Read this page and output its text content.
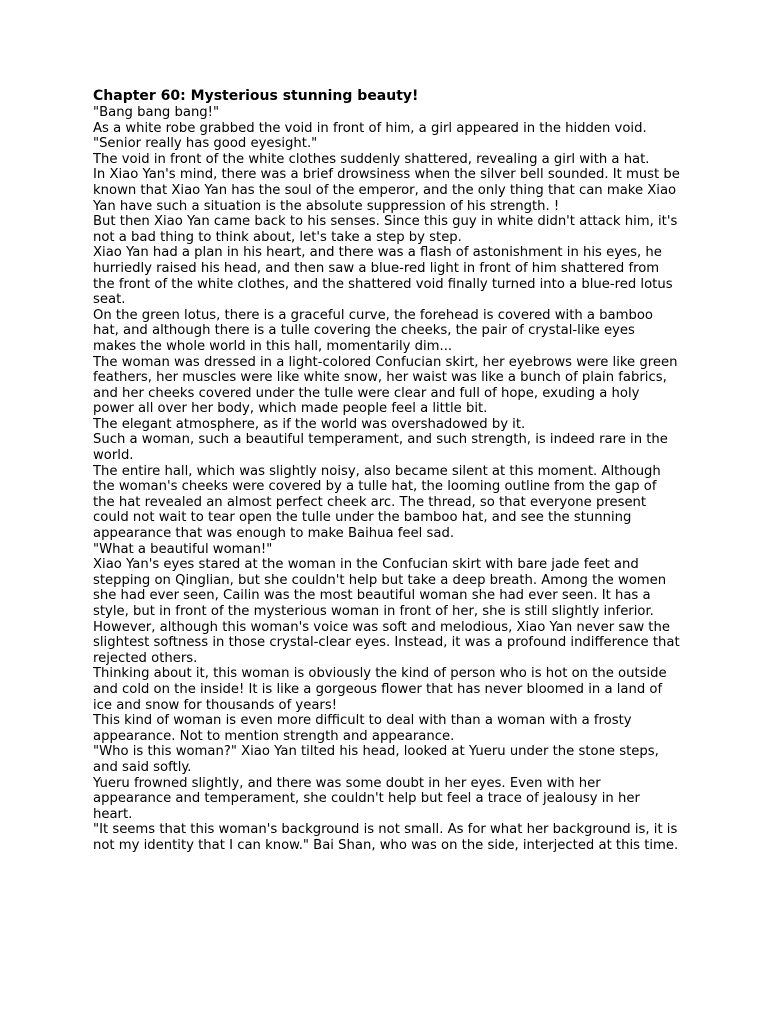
Chapter 60: Mysterious stunning beauty!

"Bang bang bang!"

As a white robe grabbed the void in front of him, a girl appeared in the hidden void.

"Senior really has good eyesight."

The void in front of the white clothes suddenly shattered, revealing a girl with a hat.

In Xiao Yan's mind, there was a brief drowsiness when the silver bell sounded. It must be known that Xiao Yan has the soul of the emperor, and the only thing that can make Xiao Yan have such a situation is the absolute suppression of his strength. !

But then Xiao Yan came back to his senses. Since this guy in white didn't attack him, it's not a bad thing to think about, let's take a step by step.

Xiao Yan had a plan in his heart, and there was a flash of astonishment in his eyes, he hurriedly raised his head, and then saw a blue-red light in front of him shattered from the front of the white clothes, and the shattered void finally turned into a blue-red lotus seat.

On the green lotus, there is a graceful curve, the forehead is covered with a bamboo hat, and although there is a tulle covering the cheeks, the pair of crystal-like eyes makes the whole world in this hall, momentarily dim...

The woman was dressed in a light-colored Confucian skirt, her eyebrows were like green feathers, her muscles were like white snow, her waist was like a bunch of plain fabrics, and her cheeks covered under the tulle were clear and full of hope, exuding a holy power all over her body, which made people feel a little bit.

The elegant atmosphere, as if the world was overshadowed by it.

Such a woman, such a beautiful temperament, and such strength, is indeed rare in the world.

The entire hall, which was slightly noisy, also became silent at this moment. Although the woman's cheeks were covered by a tulle hat, the looming outline from the gap of the hat revealed an almost perfect cheek arc. The thread, so that everyone present could not wait to tear open the tulle under the bamboo hat, and see the stunning appearance that was enough to make Baihua feel sad.

"What a beautiful woman!"

Xiao Yan's eyes stared at the woman in the Confucian skirt with bare jade feet and stepping on Qinglian, but she couldn't help but take a deep breath. Among the women she had ever seen, Cailin was the most beautiful woman she had ever seen. It has a style, but in front of the mysterious woman in front of her, she is still slightly inferior.

However, although this woman's voice was soft and melodious, Xiao Yan never saw the slightest softness in those crystal-clear eyes. Instead, it was a profound indifference that rejected others.

Thinking about it, this woman is obviously the kind of person who is hot on the outside and cold on the inside! It is like a gorgeous flower that has never bloomed in a land of ice and snow for thousands of years!

This kind of woman is even more difficult to deal with than a woman with a frosty appearance. Not to mention strength and appearance.

"Who is this woman?" Xiao Yan tilted his head, looked at Yueru under the stone steps, and said softly.

Yueru frowned slightly, and there was some doubt in her eyes. Even with her appearance and temperament, she couldn't help but feel a trace of jealousy in her heart.

"It seems that this woman's background is not small. As for what her background is, it is not my identity that I can know." Bai Shan, who was on the side, interjected at this time.
